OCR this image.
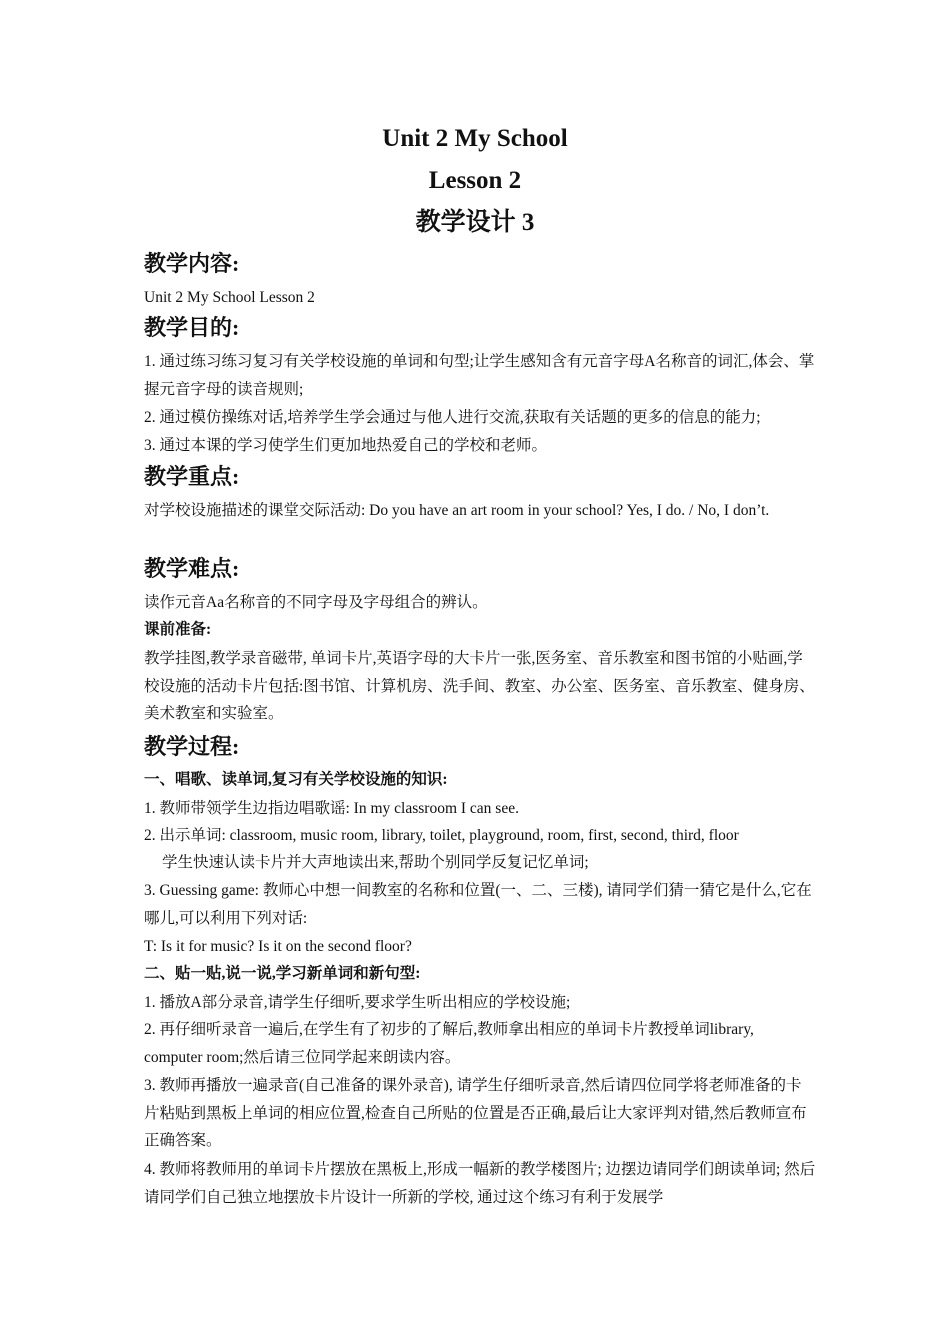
Unit 2 My School
Lesson 2
教学设计 3
教学内容:
Unit 2 My School Lesson 2
教学目的:
1. 通过练习练习复习有关学校设施的单词和句型;让学生感知含有元音字母A名称音的词汇,体会、掌握元音字母的读音规则;
2. 通过模仿操练对话,培养学生学会通过与他人进行交流,获取有关话题的更多的信息的能力;
3. 通过本课的学习使学生们更加地热爱自己的学校和老师。
教学重点:
对学校设施描述的课堂交际活动: Do you have an art room in your school? Yes, I do. / No, I don’t.
教学难点:
读作元音Aa名称音的不同字母及字母组合的辨认。
课前准备:
教学挂图,教学录音磁带, 单词卡片,英语字母的大卡片一张,医务室、音乐教室和图书馆的小贴画,学校设施的活动卡片包括:图书馆、计算机房、洗手间、教室、办公室、医务室、音乐教室、健身房、美术教室和实验室。
教学过程:
一、唱歌、读单词,复习有关学校设施的知识:
1. 教师带领学生边指边唱歌谣: In my classroom I can see.
2. 出示单词: classroom, music room, library, toilet, playground, room, first, second, third, floor
学生快速认读卡片并大声地读出来,帮助个别同学反复记忆单词;
3. Guessing game: 教师心中想一间教室的名称和位置(一、二、三楼), 请同学们猜一猜它是什么,它在哪儿,可以利用下列对话:
T: Is it for music? Is it on the second floor?
二、贴一贴,说一说,学习新单词和新句型:
1. 播放A部分录音,请学生仔细听,要求学生听出相应的学校设施;
2. 再仔细听录音一遍后,在学生有了初步的了解后,教师拿出相应的单词卡片教授单词library, computer room;然后请三位同学起来朗读内容。
3. 教师再播放一遍录音(自己准备的课外录音), 请学生仔细听录音,然后请四位同学将老师准备的卡片粘贴到黑板上单词的相应位置,检查自己所贴的位置是否正确,最后让大家评判对错,然后教师宣布正确答案。
4. 教师将教师用的单词卡片摆放在黑板上,形成一幅新的教学楼图片; 边摆边请同学们朗读单词; 然后请同学们自己独立地摆放卡片设计一所新的学校, 通过这个练习有利于发展学
